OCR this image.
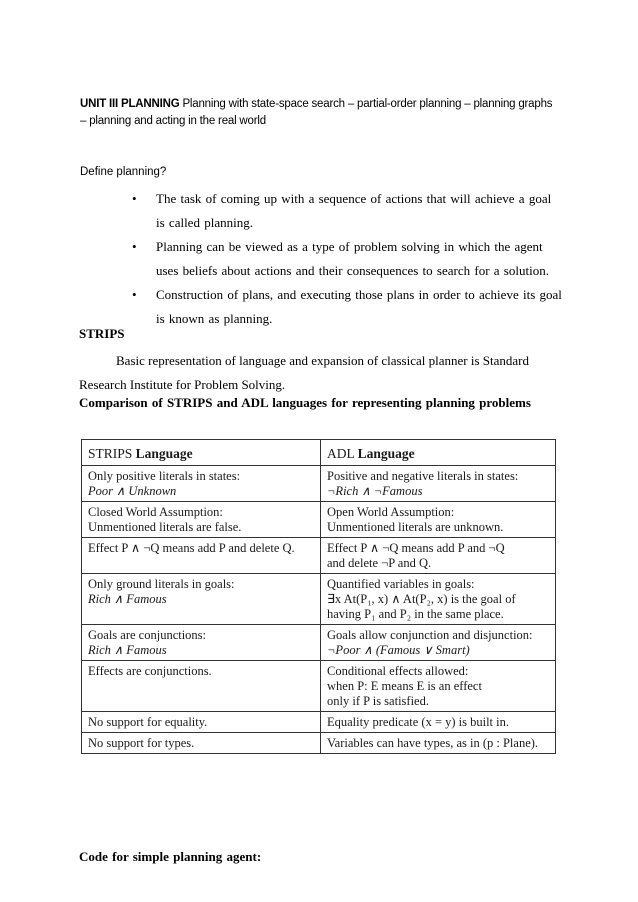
UNIT III PLANNING Planning with state-space search – partial-order planning – planning graphs – planning and acting in the real world
Define planning?
• The task of coming up with a sequence of actions that will achieve a goal is called planning.
• Planning can be viewed as a type of problem solving in which the agent uses beliefs about actions and their consequences to search for a solution.
• Construction of plans, and executing those plans in order to achieve its goal is known as planning.
STRIPS

Basic representation of language and expansion of classical planner is Standard

Research Institute for Problem Solving.

Comparison of STRIPS and ADL languages for representing planning problems
STRIPS Language	ADL Language

Only positive literals in states:
Poor ∧ Unknown	Positive and negative literals in states:
¬Rich ∧ ¬Famous

Closed World Assumption:
Unmentioned literals are false.	Open World Assumption:
Unmentioned literals are unknown.

Effect P ∧ ¬Q means add P and delete Q.	Effect P ∧ ¬Q means add P and ¬Q
and delete ¬P and Q.

Only ground literals in goals:
Rich ∧ Famous	Quantified variables in goals:
∃x At(P₁, x) ∧ At(P₂, x) is the goal of
having P₁ and P₂ in the same place.

Goals are conjunctions:
Rich ∧ Famous	Goals allow conjunction and disjunction:
¬Poor ∧ (Famous ∨ Smart)

Effects are conjunctions.	Conditional effects allowed:
when P: E means E is an effect
only if P is satisfied.

No support for equality.	Equality predicate (x = y) is built in.

No support for types.	Variables can have types, as in (p : Plane).
Code for simple planning agent:
